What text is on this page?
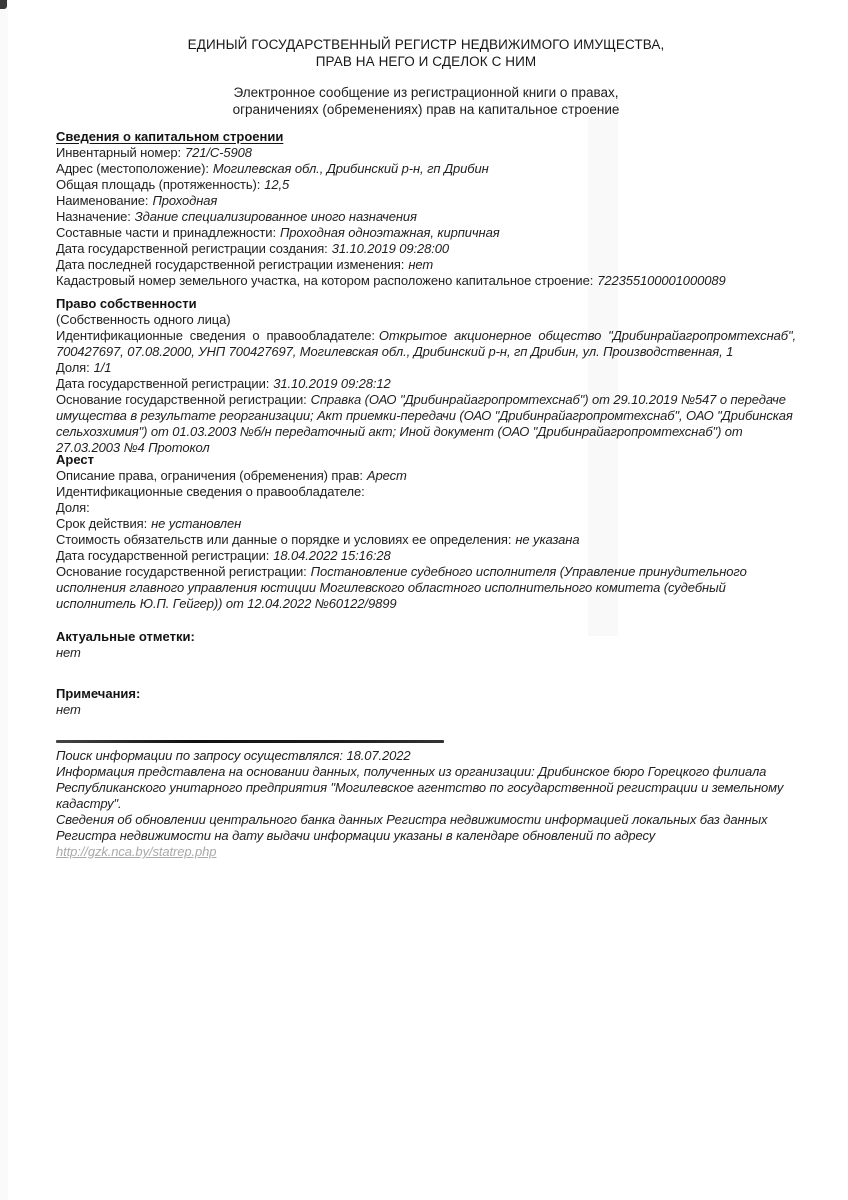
ЕДИНЫЙ ГОСУДАРСТВЕННЫЙ РЕГИСТР НЕДВИЖИМОГО ИМУЩЕСТВА,
ПРАВ НА НЕГО И СДЕЛОК С НИМ
Электронное сообщение из регистрационной книги о правах,
ограничениях (обременениях) прав на капитальное строение

Сведения о капитальном строении

Инвентарный номер: 721/С-5908

Адрес (местоположение): Могилевская обл., Дрибинский р-н, гп Дрибин

Общая площадь (протяженность): 12,5

Наименование: Проходная

Назначение: Здание специализированное иного назначения

Составные части и принадлежности: Проходная одноэтажная, кирпичная

Дата государственной регистрации создания: 31.10.2019 09:28:00

Дата последней государственной регистрации изменения: нет

Кадастровый номер земельного участка, на котором расположено капитальное строение: 722355100001000089

Право собственности

(Собственность одного лица)

Идентификационные сведения о правообладателе: Открытое акционерное общество "Дрибинрайагропромтехснаб", 700427697, 07.08.2000, УНП 700427697, Могилевская обл., Дрибинский р-н, гп Дрибин, ул. Производственная, 1

Доля: 1/1

Дата государственной регистрации: 31.10.2019 09:28:12

Основание государственной регистрации: Справка (ОАО "Дрибинрайагропромтехснаб") от 29.10.2019 №547 о передаче имущества в результате реорганизации; Акт приемки-передачи (ОАО "Дрибинрайагропромтехснаб", ОАО "Дрибинская сельхозхимия") от 01.03.2003 №б/н передаточный акт; Иной документ (ОАО "Дрибинрайагропромтехснаб") от 27.03.2003 №4 Протокол

Арест

Описание права, ограничения (обременения) прав: Арест

Идентификационные сведения о правообладателе:

Доля:

Срок действия: не установлен

Стоимость обязательств или данные о порядке и условиях ее определения: не указана

Дата государственной регистрации: 18.04.2022 15:16:28

Основание государственной регистрации: Постановление судебного исполнителя (Управление принудительного исполнения главного управления юстиции Могилевского областного исполнительного комитета (судебный исполнитель Ю.П. Гейгер)) от 12.04.2022 №60122/9899

Актуальные отметки:

нет

Примечания:

нет

Поиск информации по запросу осуществлялся: 18.07.2022

Информация представлена на основании данных, полученных из организации: Дрибинское бюро Горецкого филиала Республиканского унитарного предприятия "Могилевское агентство по государственной регистрации и земельному кадастру".

Сведения об обновлении центрального банка данных Регистра недвижимости информацией локальных баз данных Регистра недвижимости на дату выдачи информации указаны в календаре обновлений по адресу

http://gzk.nca.by/statrep.php
